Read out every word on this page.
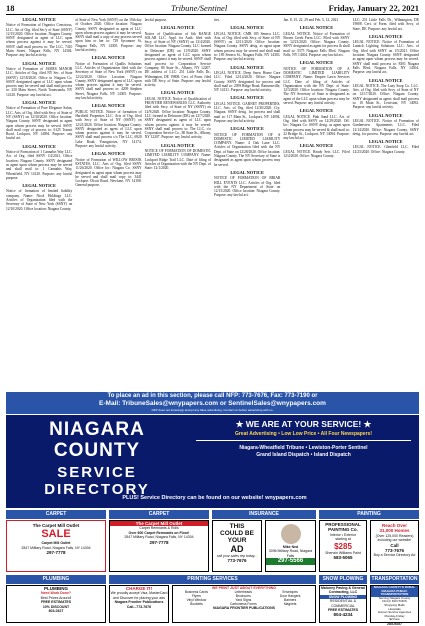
18	Tribune/Sentinel	Friday, January 22, 2021
LEGAL NOTICE

Notice of Formation of Organics Conscious, LLC. Art of Org. filed Sec'y of State (SSNY) 12/15/2020. Office location: Niagara County. SSNY designated as agent of LLC upon whom process against it may be served. SSNY shall mail process to: The LLC, 7410 Main Street, Niagara Falls, NY 14304. Purpose: any lawful activity.

LEGAL NOTICE

Notice of Formation of JAMES MANOR LLC. Articles of Org. filed NY Sec. of State (SSNY) 12/18/2020. Office in Niagara Co. SSNY designated agent of LLC upon whom process may be served and shall mail process to: 230 Main Street, North Tonawanda, NY 14120. Purpose: any lawful act.

LEGAL NOTICE

Notice of Formation of Pure Elegance Salon, LLC. Arts. of Org. filed with Secy. of State of NY (SSNY) on 12/30/2020. Office location: Niagara County. SSNY designated as agent upon whom process may be served. SSNY shall mail copy of process to: 6125 Transit Road, Lockport, NY 14094. Purpose: any lawful act.

LEGAL NOTICE

Notice of Formation of 1 Cannabis Way LLC. Art. of Org. filed SSNY 1/4/2021. Office location: Niagara County. SSNY designated as agent upon whom process may be served and shall mail to: 1 Cannabis Way, Wheatfield, NY 14120. Purpose: any lawful purpose.

LEGAL NOTICE

Notice of formation of limited liability company. Name: Nicol Holdings LLC. Articles of Organization filed with the Secretary of State of New York (SSNY) on 12/10/2020. Office location: Niagara County.

of State of New York (SSNY) on the 19th day of October 2020. Office location: Niagara County. SSNY designated as agent of LLC upon whom process against it may be served. SSNY shall mail a copy of any process served upon him or her to: 729 Sycamore St, Niagara Falls, NY 14305. Purpose: any lawful activity.

LEGAL NOTICE

Notice of Formation of Quallis Solutions LLC. Articles of Organization filed with the Secretary of State of New York (SSNY) on 12/22/2020. Office Location: Niagara County. SSNY designated agent of LLC upon whom process against it may be served. SSNY shall mail process to: 4209 Stephen Street, Niagara Falls, NY 14305. Purpose: any lawful activity.

LEGAL NOTICE

PUBLIC NOTICE. Notice of formation of Hartfield Properties LLC. Arts of Org. filed with Secy of State of NY (SSNY) on 12/21/2020. Office location: Niagara County. SSNY designated as agent of LLC upon whom process against it may be served. SSNY shall mail process c/o The LLC, 6920 Lake Road, Youngstown, NY 14174. Purpose: any lawful activity.

LEGAL NOTICE

Notice of Formation of WILLOW BROOK ESTATES, LLC. Arts of Org. filed SSNY 11/26/2020. Office loc: Niagara Co. SSNY designated as agent upon whom process may be served and shall mail copy to: 3441 Lockport Olcott Road, Newfane, NY 14108. General purpose.

lawful purpose.

LEGAL NOTICE

Notice of Qualification of 6th RANGE SOLAR LLC. Appl. for Auth. filed with Secy. of State of NY (SSNY) on 12/4/2020. Office location: Niagara County. LLC formed in Delaware (DE) on 11/9/2020. SSNY designated as agent of LLC upon whom process against it may be served. SSNY shall mail process to: Corporation Service Company, 80 State St., Albany, NY 12207. DE address of LLC: 251 Little Falls Dr., Wilmington, DE 19808. Cert. of Form. filed with DE Secy. of State. Purpose: any lawful activity.

LEGAL NOTICE

LEGAL NOTICE. Notice of Qualification of FRONTIER RENEWABLES LLC. Authority filed with Secy. of State of NY (SSNY) on 12/9/2020. Office location: Niagara County. LLC formed in Delaware (DE) on 12/7/2020. SSNY designated as agent of LLC upon whom process against it may be served. SSNY shall mail process to: The LLC, c/o Corporation Service Co., 80 State St., Albany, NY 12207. Purpose: any lawful activity.

LEGAL NOTICE

NOTICE OF FORMATION OF DOMESTIC LIMITED LIABILITY COMPANY. Name: Lockport Ridge Trail LLC. Date of filing of Articles of Organization with the NY Dept. of State: 12/1/2020.

ties.

LEGAL NOTICE

LEGAL NOTICE. CMB 185 Seneca LLC. Arts. of Org. filed with Secy. of State of NY (SSNY) on 12/11/2020. Office location: Niagara County. SSNY desig. as agent upon whom process may be served and shall mail to: 185 Seneca St., Niagara Falls, NY 14303. Purpose: any lawful activity.

LEGAL NOTICE

LEGAL NOTICE. Deep Snow Home Care LLC. Filed 12/14/2020. Office: Niagara County. SSNY designated for process and shall mail to: 2059 Ridge Road, Ransomville, NY 14131. Purpose: any lawful activity.

LEGAL NOTICE

LEGAL NOTICE. GARNET PROPERTIES, LLC. Arts. of Org. filed 12/30/2020. Cty: Niagara. SSNY desig. for process and shall mail to: 117 Main St., Lockport, NY 14094. Purpose: any lawful activity.

LEGAL NOTICE

NOTICE OF FORMATION OF A DOMESTIC LIMITED LIABILITY COMPANY. Name: 4 Oak Lane LLC. Articles of Organization filed with the NY Dept. of State on 12/28/2020. Office location: Niagara County. The NY Secretary of State is designated as agent upon whom process may be served.

LEGAL NOTICE

NOTICE OF FORMATION OF BRIAR HILL EVENTS LLC. Articles of Org. filed with the NY Department of State on 12/15/2020. Office location: Niagara County. Purpose: any lawful act.

Jan. 8, 15, 22, 29 and Feb. 5, 12, 2021

LEGAL NOTICE

LEGAL NOTICE. Notice of Formation of Brown Creek Farm LLC. Filed with SSNY on 12/23/2020. Office: Niagara County. SSNY designated as agent for process & shall mail to: 5575 Niagara Falls Blvd, Niagara Falls, NY 14304. Purpose: any lawful act.

LEGAL NOTICE

NOTICE OF FORMATION OF A DOMESTIC LIMITED LIABILITY COMPANY. Name: Empire Lawn Services LLC. Date of filing of Articles of Organization with the NY Dept. of State: 12/3/2020. Office location: Niagara County. The NY Secretary of State is designated as agent of the LLC upon whom process may be served. Purpose: any lawful activity.

LEGAL NOTICE

LEGAL NOTICE. Pink Sand LLC. Art. of Org. filed with SSNY on 12/29/2020. Off. loc: Niagara Co. SSNY desig. as agent upon whom process may be served & shall mail to: 22 Bridge St., Lockport, NY 14094. Purpose: any lawful act.

LEGAL NOTICE

LEGAL NOTICE. Ready Sets LLC. Filed 12/4/2020. Office: Niagara County.

LLC: 251 Little Falls Dr., Wilmington, DE 19808. Cert. of Form. filed with Secy. of State, DE. Purpose: any lawful act.

LEGAL NOTICE

LEGAL NOTICE. Notice of Formation of Lutnick Lighting Solutions LLC. Arts. of Org. filed with SSNY on 1/5/2021. Office location: Niagara County. SSNY designated as agent upon whom process may be served. SSNY shall mail process to: 8301 Niagara Falls Blvd, Niagara Falls, NY 14304. Purpose: any lawful act.

LEGAL NOTICE

LEGAL NOTICE. The Lazy Soap Co. LLC. Arts. of Org. filed with Secy. of State of NY on 12/17/2020. Office: Niagara County. SSNY designated as agent; shall mail process to: 10 Main St., Lewiston, NY 14092. Purpose: any lawful activity.

LEGAL NOTICE

LEGAL NOTICE. Notice of Formation of Gardenview Apartments LLC. Filed 12/14/2020. Office: Niagara County. SSNY desig. for process. Purpose: any lawful act.

LEGAL NOTICE

LEGAL NOTICE. Glenfield LLC. Filed 12/23/2020. Office: Niagara County.

To place an ad in this section, please call NFP: 773-7676, Fax: 773-7190 or
E-Mail: TribuneSales@wnypapers.com or SentinelSales@wnypapers.com
NFP does not knowingly accept any false advertising. Contact us before advertising with us.
NIAGARA
COUNTY
SERVICE DIRECTORY
★ WE ARE AT YOUR SERVICE! ★
Great Advertising • Low Low Price • All Four Newspapers!
Niagara-Wheatfield Tribune • Lewiston-Porter Sentinel
Grand Island Dispatch • Island Dispatch
PLUS! Service Directory can be found on our website! wnypapers.com
CARPET	CARPET	INSURANCE	PAINTING
The Carpet Mill Outlet
SALE
Carpet Mill Outlet
2847 Military Road, Niagara Falls, NY 14304
297-7778
The Carpet Mill Outlet
Carpet Remnants & Rolls
Over 600 Carpet Remnants on Floor!
2847 Military Road, Niagara Falls, NY 14304
297-7778
THIS
COULD BE
YOUR
AD
call your sales rep today...
773-7676
Mike Ned
3096 Military Road, Niagara Falls
297-5566
PROFESSIONAL
PAINTING Co.
Interior • Exterior
starting at
$285
Sherwin Williams Paint
583-5065
Reach Over
31,000 Homes
(Over 125,000 Readers) including our website!
Call
773-7676
Buy a Service Directory Ad
PLUMBING	PRINTING SERVICES	SNOW PLOWING	TRANSPORTATION
PLUMBING
Need Work Done?
Best Prices Around!
FREE ESTIMATES
10% DISCOUNT
603-0327
CHARGE IT!
We proudly accept Visa, MasterCard and Discover for placing your ads
Niagara Frontier Publications
Call...773-7676
WE PRINT JUST ABOUT EVERYTHING
Business Cards	Letterheads	Envelopes
Flyers	Brochures	Door Hangers
Vinyl Window	Yard Signs	Banners
Booklets	Carbonless Forms	Magnets
NIAGARA FRONTIER PUBLICATIONS
Maloney Paving & General Contracting, LLC
SNOW PLOWING
RESIDENTIAL & COMMERCIAL
FREE ESTIMATES
804-4234
NIAGARA COUNTY'S RURAL NIAGARA PUBLIC TRANSPORTATION
Serving Niagara County
NCCC DOCTORS
Shopping Malls
Hospitals
Human Service Agencies
Monday-Friday
$2 Fare
285-9357
